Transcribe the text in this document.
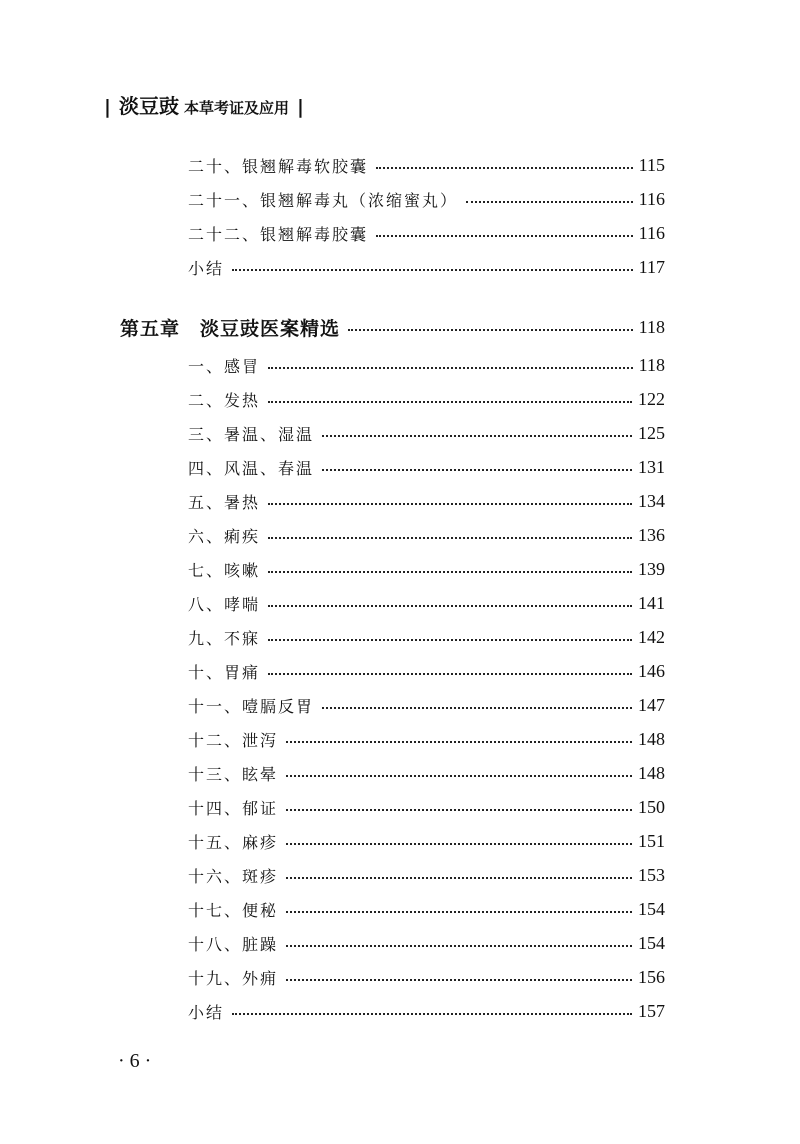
| 淡豆豉 本草考证及应用 |
二十、银翘解毒软胶囊	115
二十一、银翘解毒丸（浓缩蜜丸）	116
二十二、银翘解毒胶囊	116
小结	117
第五章 淡豆豉医案精选	118
一、感冒	118
二、发热	122
三、暑温、湿温	125
四、风温、春温	131
五、暑热	134
六、痢疾	136
七、咳嗽	139
八、哮喘	141
九、不寐	142
十、胃痛	146
十一、噎膈反胃	147
十二、泄泻	148
十三、眩晕	148
十四、郁证	150
十五、麻疹	151
十六、斑疹	153
十七、便秘	154
十八、脏躁	154
十九、外痈	156
小结	157
· 6 ·
